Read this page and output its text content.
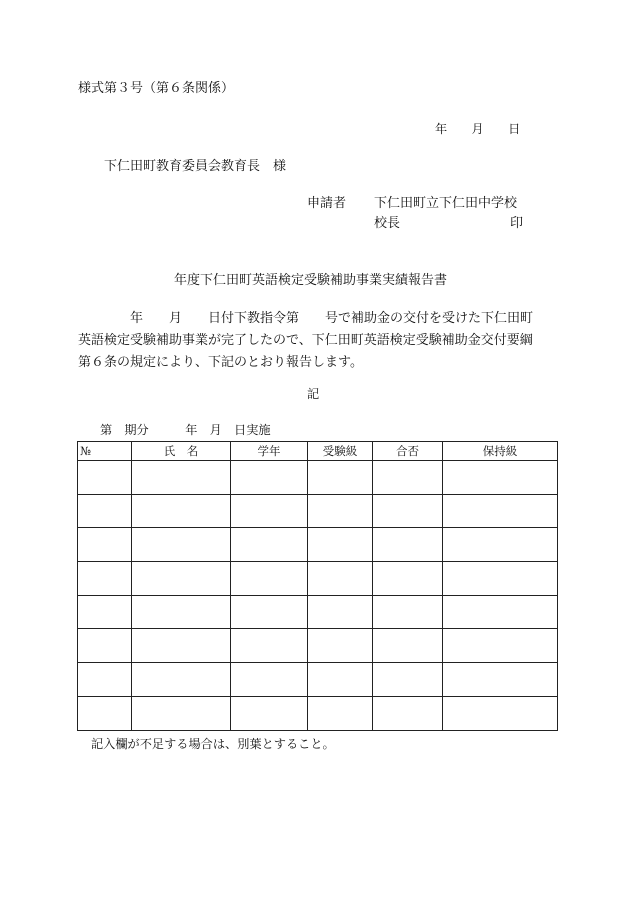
様式第３号（第６条関係）
年　　月　　日
下仁田町教育委員会教育長　様
申請者 下仁田町立下仁田中学校
校長	印
年度下仁田町英語検定受験補助事業実績報告書
　　　　年　　月　　日付下教指令第　　号で補助金の交付を受けた下仁田町
英語検定受験補助事業が完了したので、下仁田町英語検定受験補助金交付要綱
第６条の規定により、下記のとおり報告します。
記
第　期分　　　年　月　日実施
№	氏　名	学年	受験級	合否	保持級

記入欄が不足する場合は、別葉とすること。
